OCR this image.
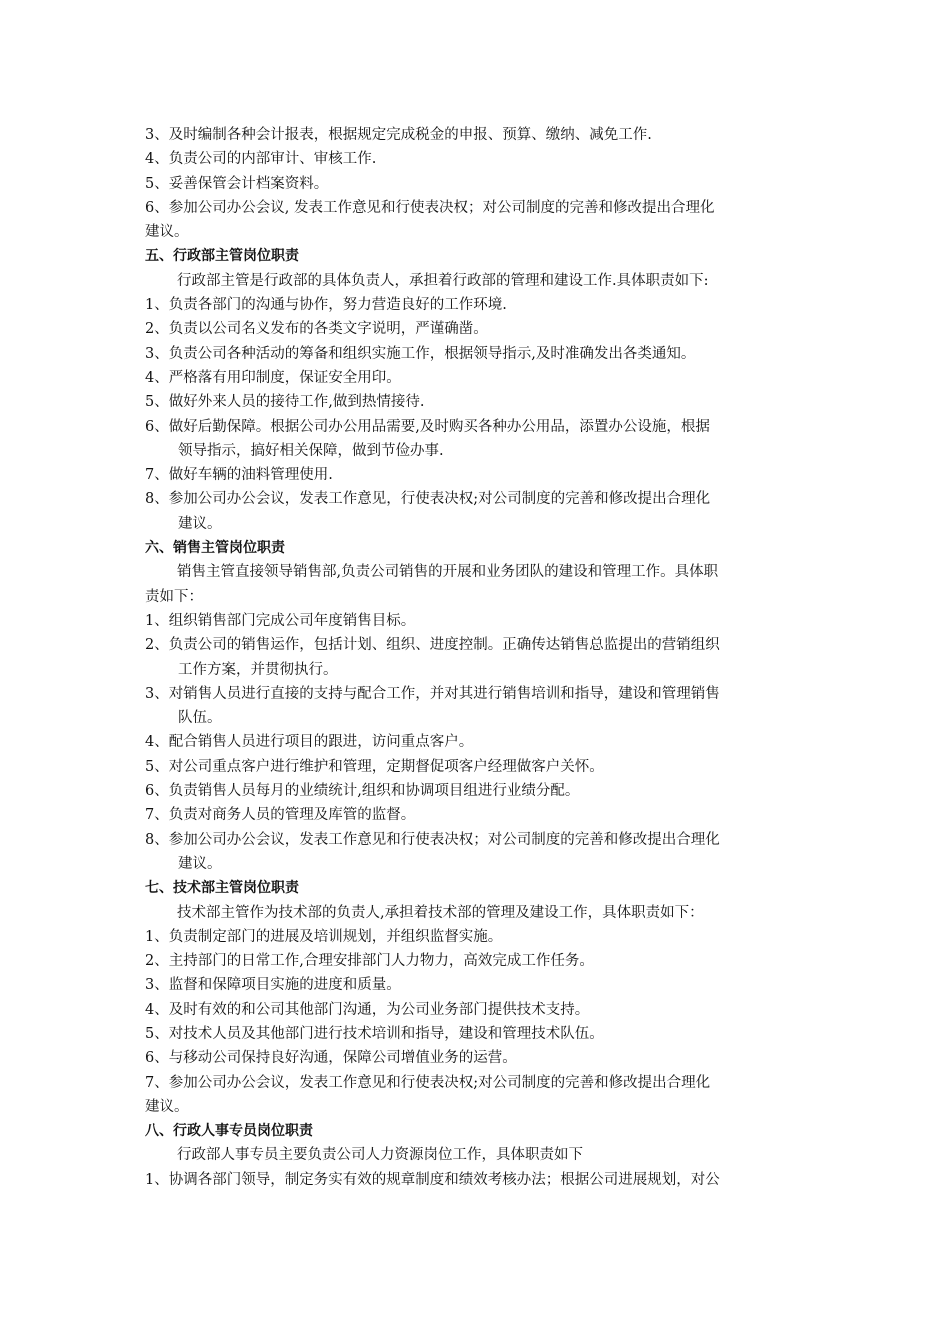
3、及时编制各种会计报表，根据规定完成税金的申报、预算、缴纳、减免工作.
4、负责公司的内部审计、审核工作.
5、妥善保管会计档案资料。
6、参加公司办公会议, 发表工作意见和行使表决权；对公司制度的完善和修改提出合理化
建议。
五、行政部主管岗位职责
行政部主管是行政部的具体负责人，承担着行政部的管理和建设工作.具体职责如下:
1、负责各部门的沟通与协作，努力营造良好的工作环境.
2、负责以公司名义发布的各类文字说明，严谨确凿。
3、负责公司各种活动的筹备和组织实施工作，根据领导指示,及时准确发出各类通知。
4、严格落有用印制度，保证安全用印。
5、做好外来人员的接待工作,做到热情接待.
6、做好后勤保障。根据公司办公用品需要,及时购买各种办公用品，添置办公设施，根据
领导指示，搞好相关保障，做到节俭办事.
7、做好车辆的油料管理使用.
8、参加公司办公会议，发表工作意见，行使表决权;对公司制度的完善和修改提出合理化
建议。
六、销售主管岗位职责
销售主管直接领导销售部,负责公司销售的开展和业务团队的建设和管理工作。具体职
责如下：
1、组织销售部门完成公司年度销售目标。
2、负责公司的销售运作，包括计划、组织、进度控制。正确传达销售总监提出的营销组织
工作方案，并贯彻执行。
3、对销售人员进行直接的支持与配合工作，并对其进行销售培训和指导，建设和管理销售
队伍。
4、配合销售人员进行项目的跟进，访问重点客户。
5、对公司重点客户进行维护和管理，定期督促项客户经理做客户关怀。
6、负责销售人员每月的业绩统计,组织和协调项目组进行业绩分配。
7、负责对商务人员的管理及库管的监督。
8、参加公司办公会议，发表工作意见和行使表决权；对公司制度的完善和修改提出合理化
建议。
七、技术部主管岗位职责
技术部主管作为技术部的负责人,承担着技术部的管理及建设工作，具体职责如下：
1、负责制定部门的进展及培训规划，并组织监督实施。
2、主持部门的日常工作,合理安排部门人力物力，高效完成工作任务。
3、监督和保障项目实施的进度和质量。
4、及时有效的和公司其他部门沟通，为公司业务部门提供技术支持。
5、对技术人员及其他部门进行技术培训和指导，建设和管理技术队伍。
6、与移动公司保持良好沟通，保障公司增值业务的运营。
7、参加公司办公会议，发表工作意见和行使表决权;对公司制度的完善和修改提出合理化
建议。
八、行政人事专员岗位职责
行政部人事专员主要负责公司人力资源岗位工作，具体职责如下
1、协调各部门领导，制定务实有效的规章制度和绩效考核办法；根据公司进展规划，对公
